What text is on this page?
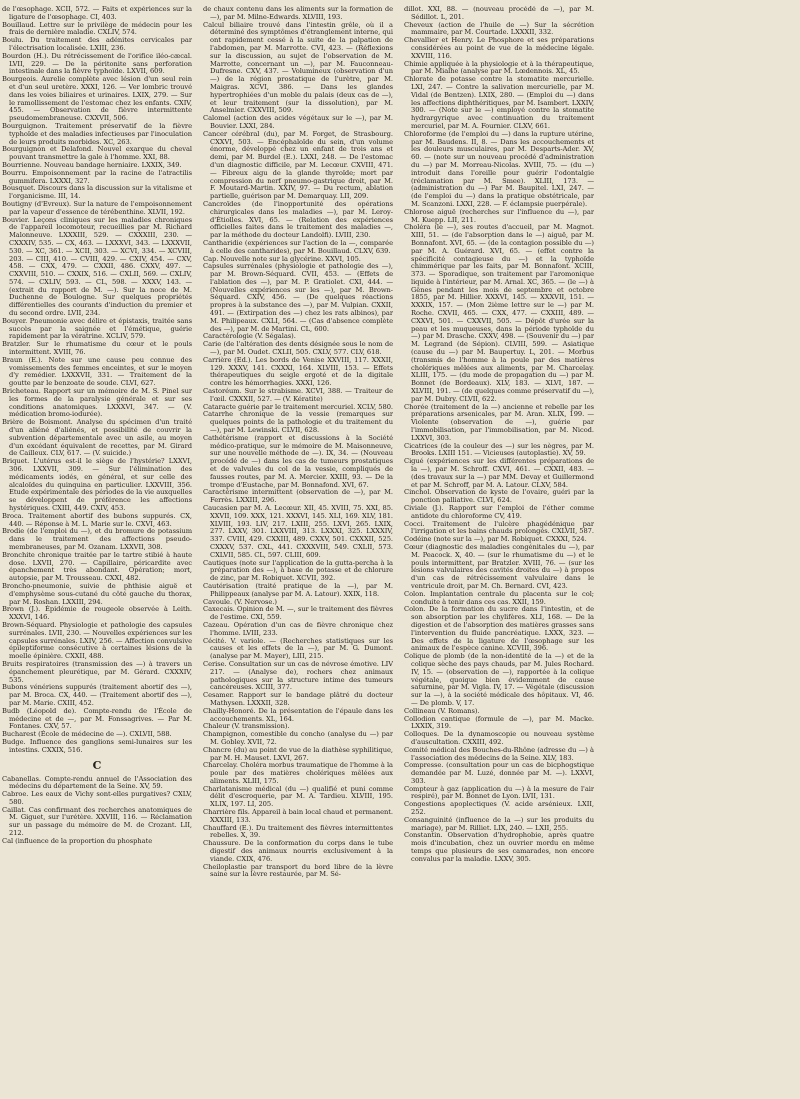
de l'œsophage. XCII, 572. — Faits et expériences sur la ligature de l'œsophage. CI, 403.

Bouillaud. Lettre sur le privilège de médecin pour les frais de dernière maladie. CXLIV, 574.

Boulu. Du traitement des adénites cervicales par l'électrisation localisée. LXIII, 236.

Bourdon (H.). Du rétrécissement de l'orifice iléo-cæcal. LVII, 229. — De la péritonite sans perforation intestinale dans la fièvre typhoïde. LXVII, 609.

Bourgeois. Aurelie complète avec lésion d'un seul rein et d'un seul uretère. XXXI, 126. — Ver lombric trouvé dans les voies biliaires et urinaires. LXIX, 279. — Sur le ramollissement de l'estomac chez les enfants. CXIV, 455. — Observation de fièvre intermittente pseudomembraneuse. CXXVII, 506.

Bourguignon. Traitement préservatif de la fièvre typhoïde et des maladies infectieuses par l'inoculation de leurs produits morbides. XC, 263.

Bourguignon et Delafond. Nouvel exarque du cheval pouvant transmettre la gale à l'homme. XXI, 88.

Bourrienne. Nouveau bandage herniaire. LXXIX, 349.

Bourru. Empoisonnement par la racine de l'atractilis gummifera. LXXXI, 327.

Bousquet. Discours dans la discussion sur la vitalisme et l'organicisme. III, 14.

Boutigny (d'Evreux). Sur la nature de l'empoisonnement par la vapeur d'essence de térébenthine. XLVII, 192.

Bouvier. Leçons cliniques sur les maladies chroniques de l'appareil locomoteur, recueillies par M. Richard Malonneuve. LXXXIII, 529. — CXXXIII, 230. — CXXXIV, 535. — CX, 463. — LXXXVI, 343. — LXXXVII, 530. — XC, 361. — XCII, 303. — XCVI, 334. — XCVIII, 203. — CIII, 410. — CVIII, 429. — CXIV, 454. — CXV, 458. — CXX, 479. — CXXII, 486. CXXV, 497. — CXXVIII, 510. — CXXIX, 516. — CXLII, 569. — CXLIV, 574. — CXLIV, 593. — CL, 598. — XXXV, 143. — (extrait du rapport de M. —). Sur la noce de M. Duchenne de Boulogne. Sur quelques propriétés différentielles des courants d'induction du premier et du second ordre. LVII, 234.

Bouyer. Pneumonie avec délire et épistaxis, traitée sans succès par la saignée et l'émétique, guérie rapidement par la vératrine. XCLIV, 579.

Bratzler. Sur le rhumatisme du cœur et le pouls intermittent. XVIII, 76.

Braun (E.). Note sur une cause peu connue des vomissements des femmes enceintes, et sur le moyen d'y remédier. LXXXVII, 331. — Traitement de la goutte par le benzoate de soude. CLVI, 627.

Bricheteau. Rapport sur un mémoire de M. S. Pinel sur les formes de la paralysie générale et sur ses conditions anatomiques. LXXXVI, 347. — (V. médication bromo-iodurée).

Brière de Boismont. Analyse du spécimen d'un traité d'un aliéné d'aliénés, et possibilité de couvrir la subvention départementale avec un asile, au moyen d'un excédant équivalent de recettes, par M. Girard de Cailleux. CLV, 617. — (V. suicide.)

Briquet. L'utérus est-il le siège de l'hystérie? LXXVI, 306. LXXVII, 309. — Sur l'élimination des médicaments iodés, en général, et sur celle des alcaloïdes du quinquina en particulier. LXXVIII, 356. Etude expérimentale des périodes de la vie auxquelles se développent de préférence les affections hystériques. CXIII, 449. CXIV, 453.

Broca. Traitement abortif des bubons suppurés. CX, 440. — Réponse à M. L. Marie sur le. CXVI, 463.

Brodie (de l'emploi du —), et du bromure de potassium dans le traitement des affections pseudo-membraneuses, par M. Ozanam. LXXVII, 308.

Bronchite chronique traitée par le tartre stibié à haute dose. LXVII, 270. — Capillaire, péricardite avec épanchement très abondant. Opération; mort, autopsie, par M. Trousseau. CXXI, 482.

Broncho-pneumonie, suivie de phthisie aiguë et d'emphysème sous-cutané du côté gauche du thorax, par M. Roshan. LXXIII, 294.

Brown (J.). Épidémie de rougeole observée à Leith. XXXVI, 146.

Brown-Séquard. Physiologie et pathologie des capsules surrénales. LVII, 230. — Nouvelles expériences sur les capsules surrénales. LXIV, 256. — Affection convulsive épileptiforme consécutive à certaines lésions de la moelle épinière. CXXII, 488.

Bruits respiratoires (transmission des —) à travers un épanchement pleurétique, par M. Gérard. CXXXIV, 535.

Bubons vénériens suppurés (traitement abortif des —), par M. Broca. CX, 440. — (Traitement abortif des —), par M. Marie. CXIII, 452.

Budb (Léopold de). Compte-rendu de l'École de médecine et de —, par M. Fonssagrives. — Par M. Fontanes. CXV, 57.

Bucharest (École de médecine de —). CXLVII, 588.

Budge. Influence des ganglions semi-lunaires sur les intestins. CXXIX, 516.

C

Cabanellas. Compte-rendu annuel de l'Association des médecins du département de la Seine. XV, 59.

Cabroe. Les eaux de Vichy sont-elles purgatives? CXLV, 580.

Caillat. Cas confirmant des recherches anatomiques de M. Giguet, sur l'urétère. XXVIII, 116. — Réclamation sur un passage du mémoire de M. de Crozant. LII, 212.

Cal (influence de la proportion du phosphate

de chaux contenu dans les aliments sur la formation de —), par M. Milne-Edwards. XLVIII, 193.

Calcul biliaire trouvé dans l'intestin grêle, où il a déterminé des symptômes d'étranglement interne, qui ont rapidement cessé à la suite de la palpation de l'abdomen, par M. Marrotte. CVI, 423. — (Réflexions sur la discussion, au sujet de l'observation de M. Marrotte, concernant un —), par M. Fauconneau-Dufresne. CXV, 437. — Volumineux (observation d'un —) de la région prostatique de l'urètre, par M. Maigras. XCVI, 386. — Dans les glandes hypertrophiées d'un moble du palais (deux cas de —), et leur traitement (sur la dissolution), par M. Anselmier. CXXVIII, 509.

Calomel (action des acides végétaux sur le —), par M. Bouvier. LXXI, 284.

Cancer cérébral (du), par M. Forget, de Strasbourg. CXXVI, 503. — Encéphaloïde du sein, d'un volume énorme, développé chez un enfant de trois ans et demi, par M. Burdel (E.). LXXI, 248. — De l'estomac d'un diagnostic difficile, par M. Lecœur. CXVIII, 471. — Fibreux aigu de la glande thyroïde; mort par compression du nerf pneumo-gastrique droit, par M. F. Moutard-Martin. XXIV, 97. — Du rectum, ablation partielle, guérison par M. Demarquay. LII, 209.

Cancroïdes (de l'inopportunité des opérations chirurgicales dans les maladies —), par M. Leroy-d'Étiolles. XVI, 65. — (Relation des expériences officielles faites dans le traitement des maladies —, par la méthode du docteur Landolfi). LVIII, 230.

Cantharidie (expériences sur l'action de la —, comparée à celle des cantharides), par M. Bouillaud. CLXV, 639.

Cap. Nouvelle note sur la glycérine. XXVI, 105.

Capsules surrénales (physiologie et pathologie des —), par M. Brown-Séquard. CVII, 453. — (Effets de l'ablation des —), par M. P. Gratiolet. CXI, 444. — (Nouvelles expériences sur les —), par M. Brown-Séquard. CXIV, 456. — (De quelques réactions propres à la substance des —), par M. Vulpian. CXXII, 491. — (Extirpation des —) chez les rats albinos), par M. Philipeaux. CXLI, 564. — (Cas d'absence complète des —), par M. de Martini. CL, 600.

Caractérologie (V. Ségalas).

Carie (de l'altération des dents désignée sous le nom de —), par M. Oudet. CXLII, 505. CXLV, 577. CLV, 618.

Carrière (Ed.). Les bords de Venise XXVIII, 117. XXXII, 129. XXXV, 141. CXXXI, 164. XLVIII, 153. — Effets thérapeutiques du seigle ergoté et de la digitale contre les hémorrhagies. XXXI, 126.

Castoréum. Sur le strabisme. XCVI, 388. — Traiteur de l'œil. CXXXII, 527. — (V. Kératite)

Cataracte guérie par le traitement mercuriel. XCLV, 580.

Catarrhe chronique de la vessie (remarques sur quelques points de la pathologie et du traitement du —), par M. Lewinski. CLVII, 628.

Cathétérisme (rapport et discussions à la Société médico-pratique, sur le mémoire de M. Maisonneuve, sur une nouvelle méthode de —). IX, 34. — (Nouveau procédé de —) dans les cas de tumeurs prostatiques et de valvules du col de la vessie, compliqués de fausses routes, par M. A. Mercier. XXIII, 93. — De la trompe d'Eustache, par M. Bonnafond. XVI, 67.

Caractérisme intermittent (observation de —), par M. Ferrès. LXXIII, 296.

Caucasien par M. A. Lecœur. XII, 45. XVIII, 75. XXI, 85. XXVII, 109. XXX, 121. XXXVI, 145. XLI, 169. XLV, 181. XLVIII, 193. LIV, 217. LXIII, 255. LXVI, 265. LXIX, 277. LXXV, 301. LXXVIII, 313. LXXXI, 325. LXXXIV, 337. CVIII, 429. CXXIII, 489. CXXV, 501. CXXXII, 525. CXXXV, 537. CXL, 441. CXXXVIII, 549. CXLII, 573. CXLVII, 585. CL, 597. CLIII, 609.

Cautiques (note sur l'application de la gutta-percha à la préparation des —), à base de potasse et de chlorure de zinc, par M. Robiquet. XCVII, 392.

Cautérisation (traité pratique de la —), par M. Philippeaux (analyse par M. A. Latour). XXIX, 118.

Cavoule. (V. Nervose.)

Caxecais. Opinion de M. —, sur le traitement des fièvres de l'estime. CXI, 559.

Cazeau. Opération d'un cas de fièvre chronique chez l'homme. LVIII, 233.

Cécité. V. variole. — (Recherches statistiques sur les causes et les effets de la —), par M. G. Dumont. (analyse par M. Mayer), LIII, 215.

Cerise. Consultation sur un cas de névrose émotive. LIV 217. — (Analyse de), rochers chez animaux pathologiques sur la structure intime des tumeurs cancéreuses. XCIII, 377.

Cesamer. Rapport sur le bandage plâtré du docteur Mathysen. LXXXII, 328.

Chailly-Honoré. De la présentation de l'épaule dans les accouchements. XL, 164.

Chaleur (V. transmission).

Champignon, comestible du concho (analyse du —) par M. Gobley. XVII, 72.

Chancre (du) au point de vue de la diathèse syphilitique, par M. H. Mauset. LXVI, 267.

Charcelay. Choléra morbus traumatique de l'homme à la poule par des matières cholériques mêlées aux aliments. XLIII, 175.

Charlatanisme médical (du —) qualifié et puni comme délit d'escroquerie, par M. A. Tardieu. XLVIII, 195. XLIX, 197. LI, 205.

Charrière fils. Appareil à bain local chaud et permanent. XXXIII, 133.

Chauffard (E.). Du traitement des fièvres intermittentes rebelles. X, 39.

Chaussure. De la conformation du corps dans le tube digestif des animaux nourris exclusivement à la viande. CXIX, 476.

Cheiloplastie par transport du bord libre de la lèvre saine sur la lèvre restaurée, par M. Sé-

dillot. XXI, 88. — (nouveau procédé de —), par M. Sédillot. L, 201.

Cheveux (action de l'huile de —) Sur la sécrétion mammaire, par M. Courtade. LXXXII, 332.

Chevallier et Henry. Le Phosphore et ses préparations considérées au point de vue de la médecine légale. XXVIII, 116.

Chimie appliquée à la physiologie et à la thérapeutique, par M. Mialhe (analyse par M. Lœdennois. XL, 45.

Chlorate de potasse contre la stomatite mercurielle. LXI, 247. — Contre la salivation mercurielle, par M. Vidal (de Bentzen). LXIX, 280. — (Emploi du —) dans les affections diphthéritiques, par M. Isambert. LXXIV, 300. — (Note sur le —) employé contre la stomatite hydrargyrique avec continuation du traitement mercuriel, par M. A. Fournier. CLXV, 661.

Chloroforme (de l'emploi du —) dans la rupture utérine, par M. Baudens. II, 8. — Dans les accouchements et les douleurs musculaires, par M. Desparts-Ader. XV, 60. — (note sur un nouveau procédé d'administration du —) par M. Morreau-Nicolas. XVIII, 75. — (du —) introduit dans l'oreille pour guérir l'odontalgie (réclamation par M. Smee). XLIII, 173. — (administration du —) Par M. Baupitel. LXI, 247. — (de l'emploi du —) dans la pratique obstétricale, par M. Scanzoni. LXXI, 228. — F. éclampsie puerpérale).

Chlorose aiguë (recherches sur l'influence du —), par M. Kuepp. LII, 211.

Choléra (le —), ses routes d'accueil, par M. Magnot. XIII, 51. — (de l'absorption dans le —) aiguë, par M. Bonnafont. XVI, 65. — (de la contagion possible du —) par M. A. Guérard. XVI, 65. — (effet contre la spécificité contagieuse du —) et la typhoïde chimmérique par les faits, par M. Bonnafont. XCIII, 373. — Sporadique, son traitement par l'aromonique liquide à l'intérieur, par M. Arnal. XC, 365. — (le —) à Gênes pendant les mois de septembre et octobre 1855, par M. Hillier. XXXVI, 145. — XXXVII, 151. — XXXIX, 157. — (Mon 2ième lettre sur le —) par M. Roche. CXVII, 465. — CXX, 477. — CXXIII, 489. — CXXVI, 501. — CXXVII, 505. — Dépôt d'urée sur la peau et les muqueuses, dans la période typhoïde du —) par M. Drasche. CXXV, 498. — (Souvenir du —) par M. Legrand (de Sépion). CLVIII, 599. — Asiatique (cause du —) par M. Baupertuy. L, 201. — Morbus (transmis de l'homme à la poule par des matières cholériques mêlées aux aliments, par M. Charcelay. XLIII, 175. — (du mode de propagation du —) par M. Bonnet (de Bordeaux). XLV, 183. — XLVI, 187. — XLVIII, 191. — (de quelques comme préservatif du —), par M. Dubry. CLVII, 622.

Chorée (traitement de la —) ancienne et rebelle par les préparations arsenicales, par M. Aran. XLIX, 199. — Violente (observation de —), guérie par l'immobilisation, par l'immobilisation, par M. Nicod. LXXVI, 303.

Cicatrices (de la couleur des —) sur les nègres, par M. Brooks. LXIII 151. — Vicieuses (autoplastie). XV, 59.

Cigué (expériences sur les différentes préparations de la —), par M. Schroff. CXVI, 461. — CXXII, 483. — (des travaux sur la —) par MM. Devay et Guillermond et par M. Schroff, par M. A. Latour. CLXV, 584.

Cinchol. Observation de kyste de l'ovaire, guéri par la ponction palliative. CLVI, 624.

Civiale (J.). Rapport sur l'emploi de l'éther comme antidote du chloroforme CV, 419.

Cocci. Traitement de l'ulcère phagédénique par l'irrigation et les bains chauds prolongés. CXLVII, 587.

Codéine (note sur la —), par M. Robiquet. CXXXI, 524.

Cœur (diagnostic des maladies congénitales du —), par M. Peacock. X, 40. — (sur le rhumatisme du —) et le pouls intermittent, par Bratzler. XVIII, 76. — (sur les lésions valvulaires des cavités droites du —) à propos d'un cas de rétrécissement valvulaire dans le ventricule droit, par M. Ch. Bernard. CVI, 423.

Colon. Implantation centrale du placenta sur le col; conduite à tenir dans ces cas. XXII, 159.

Colon. De la formation du sucre dans l'intestin, et de son absorption par les chylifères. XLI, 168. — De la digestion et de l'absorption des matières grasses sans l'intervention du fluide pancréatique. LXXX, 323. — Des effets de la ligature de l'œsophage sur les animaux de l'espèce canine. XCVIII, 396.

Colique de plomb (de la non-identité de la —) et de la colique sèche des pays chauds, par M. Jules Rochard. IV, 15. — (observation de —), rapportée à la colique végétale, quoique bien évidemment de cause saturnine, par M. Vigla. IV, 17. — Végétale (discussion sur la —), à la société médicale des hôpitaux. VI, 46. — De plomb. V, 17.

Collineau (V. Romans).

Collodion cantique (formule de —), par M. Macke. LXXIX, 319.

Colloques. De la dynamoscopie ou nouveau système d'auscultation. CXXIII, 492.

Comité médical des Bouches-du-Rhône (adresse du —) à l'association des médecins de la Seine. XLV, 183.

Compresse. (consultation pour un cas de bicphogstique demandée par M. Luzé, donnée par M. —). LXXVI, 303.

Compteur à gaz (application du —) à la mesure de l'air respiré), par M. Bonnet de Lyon. LVII, 131.

Congestions apoplectiques (V. acide arsénieux. LXII, 252.

Consanguinité (influence de la —) sur les produits du mariage), par M. Rilliet. LIX, 240. — LXII, 255.

Constantin. Observation d'hydrophobie, après quatre mois d'incubation, chez un ouvrier mordu en même temps que plusieurs de ses camarades, non encore convalus par la maladie. LXXV, 305.
